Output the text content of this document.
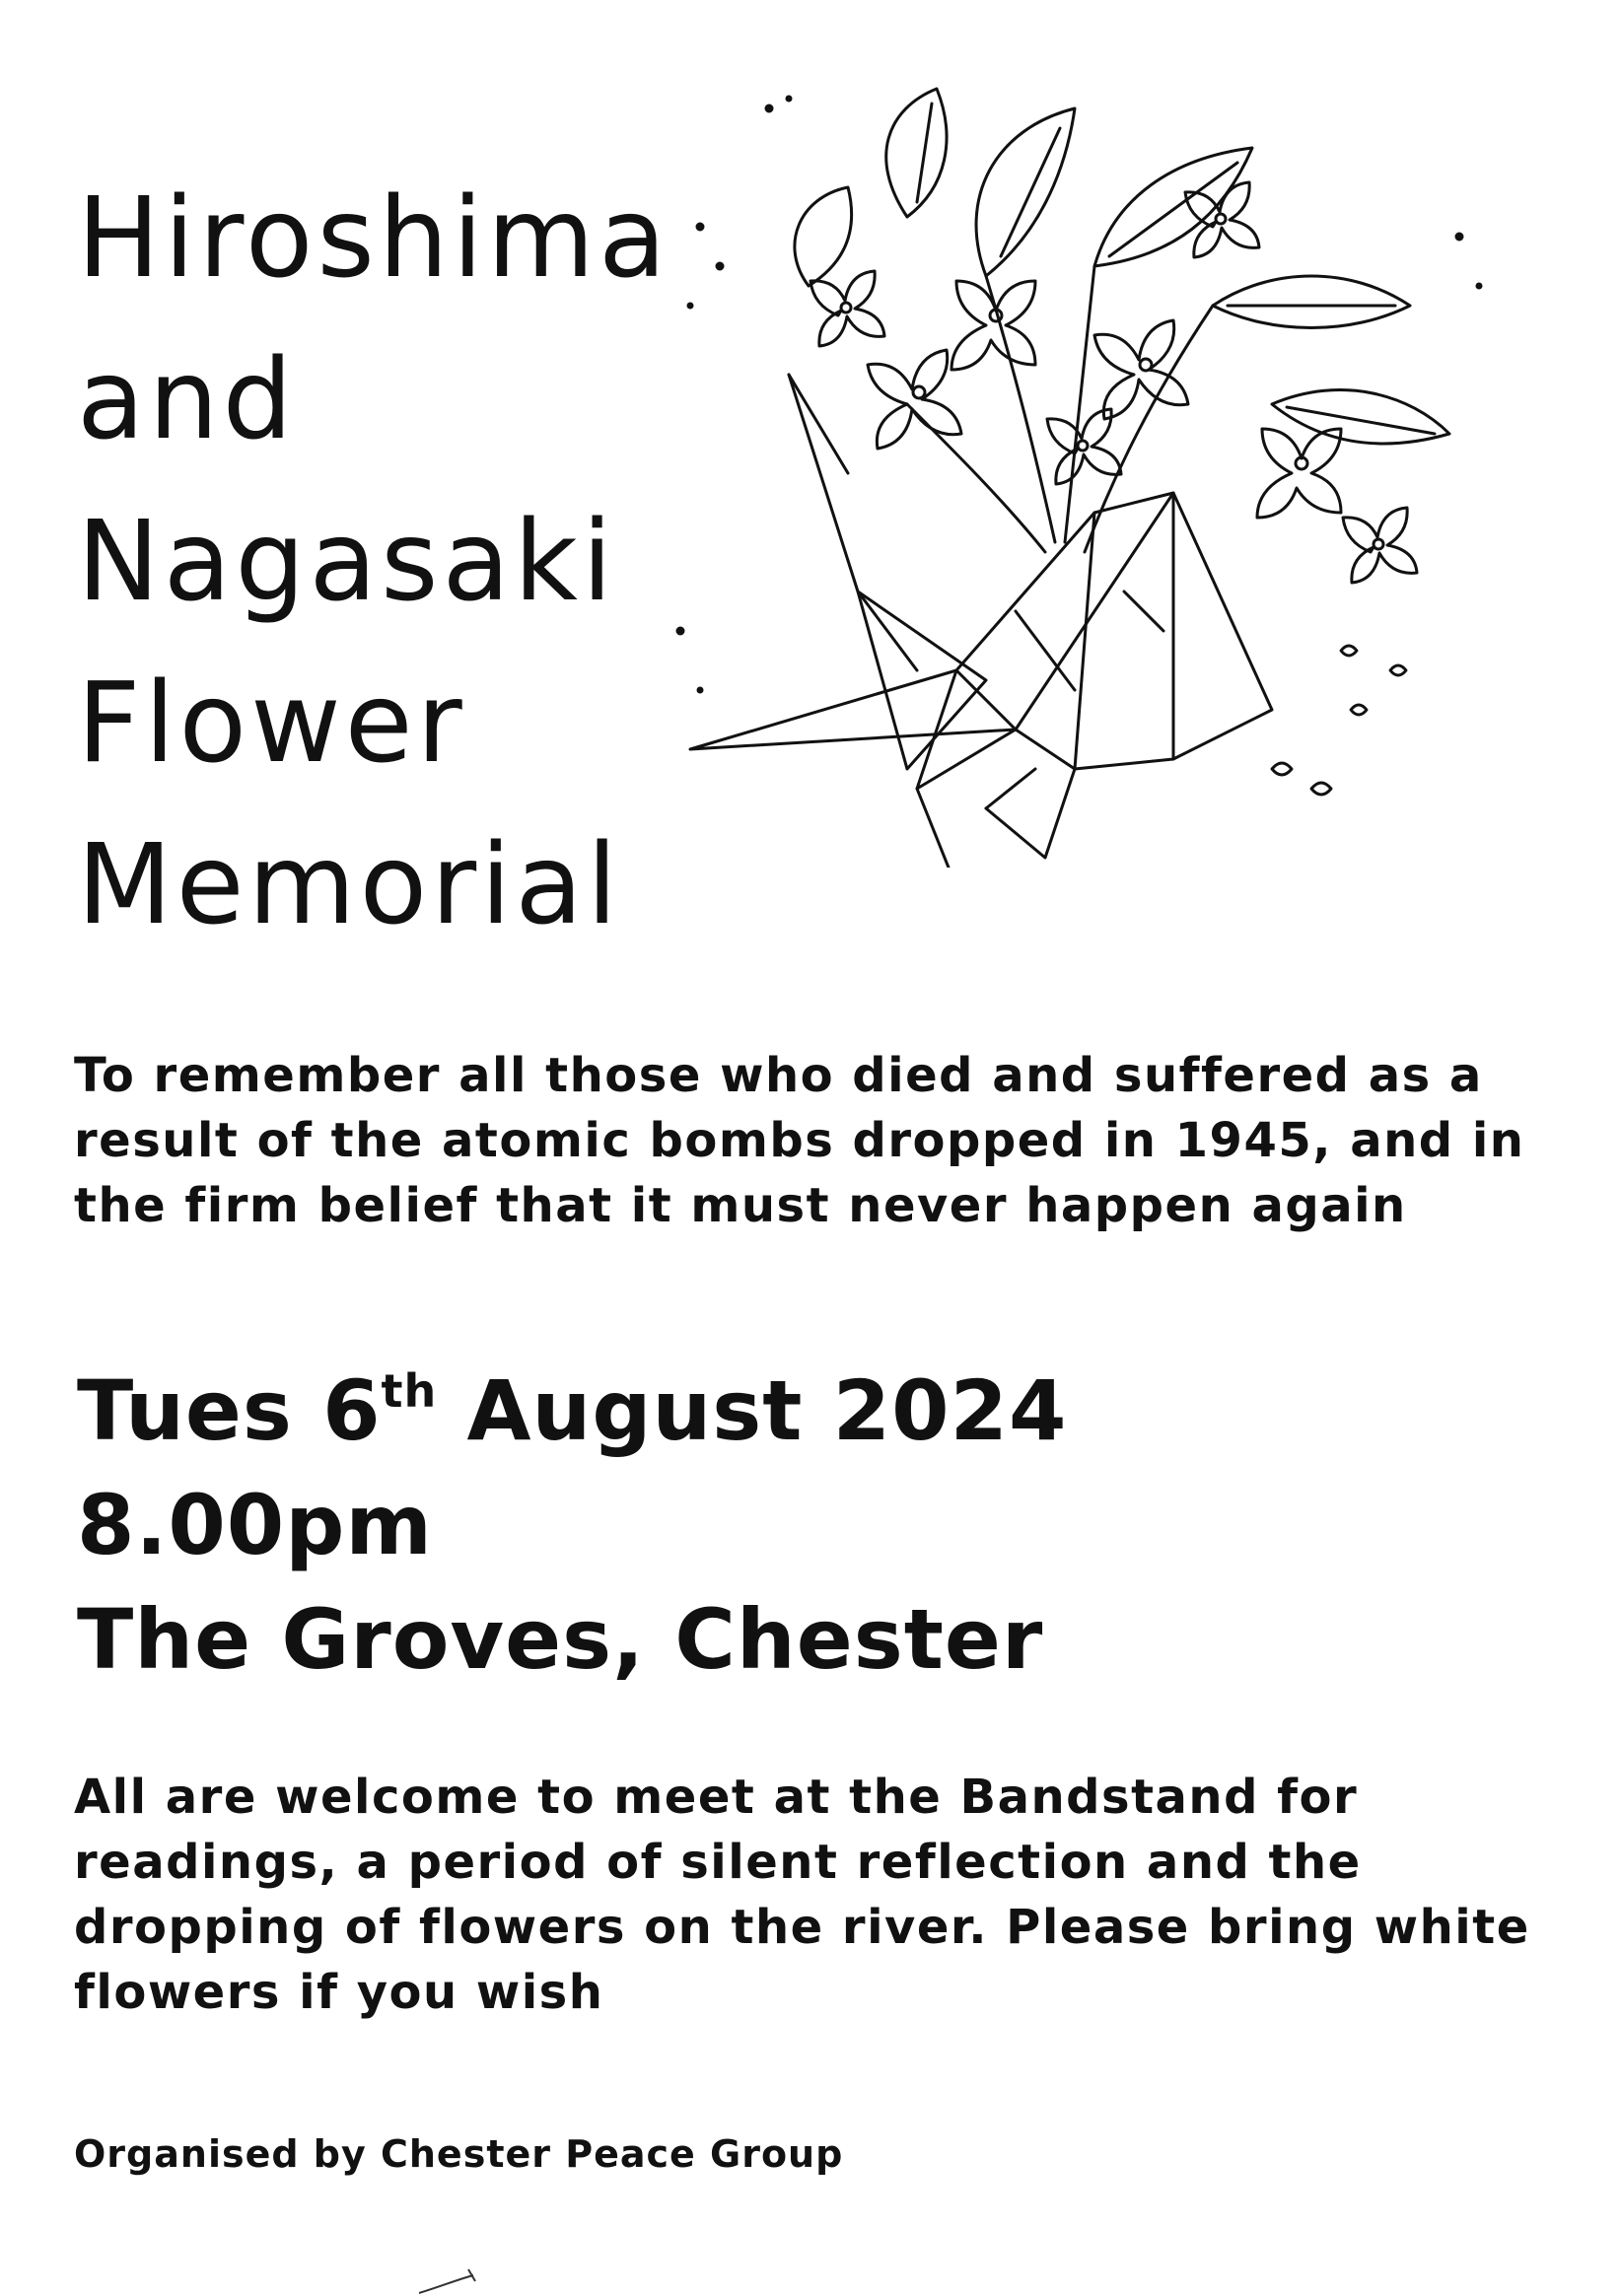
Hiroshima
and
Nagasaki
Flower
Memorial
To remember all those who died and suffered as a result of the atomic bombs dropped in 1945, and in the firm belief that it must never happen again
Tues 6th August 2024
8.00pm
The Groves, Chester
All are welcome to meet at the Bandstand for readings, a period of silent reflection and the dropping of flowers on the river. Please bring white flowers if you wish
Organised by Chester Peace Group
